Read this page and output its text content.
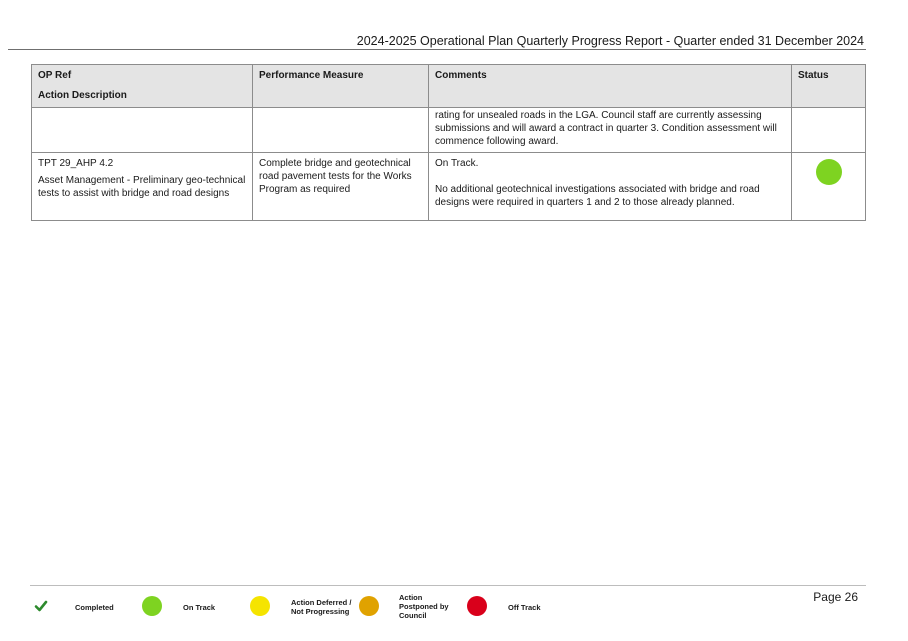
2024-2025 Operational Plan Quarterly Progress Report - Quarter ended 31 December 2024
OP Ref
Action Description	Performance Measure	Comments	Status
		rating for unsealed roads in the LGA. Council staff are currently assessing submissions and will award a contract in quarter 3. Condition assessment will commence following award.	
TPT 29_AHP 4.2
Asset Management - Preliminary geo-technical tests to assist with bridge and road designs	Complete bridge and geotechnical road pavement tests for the Works Program as required	On Track.
No additional geotechnical investigations associated with bridge and road designs were required in quarters 1 and 2 to those already planned.	

Completed	On Track
Action Deferred / Not Progressing
Action Postponed by Council
Off Track
Page 26
